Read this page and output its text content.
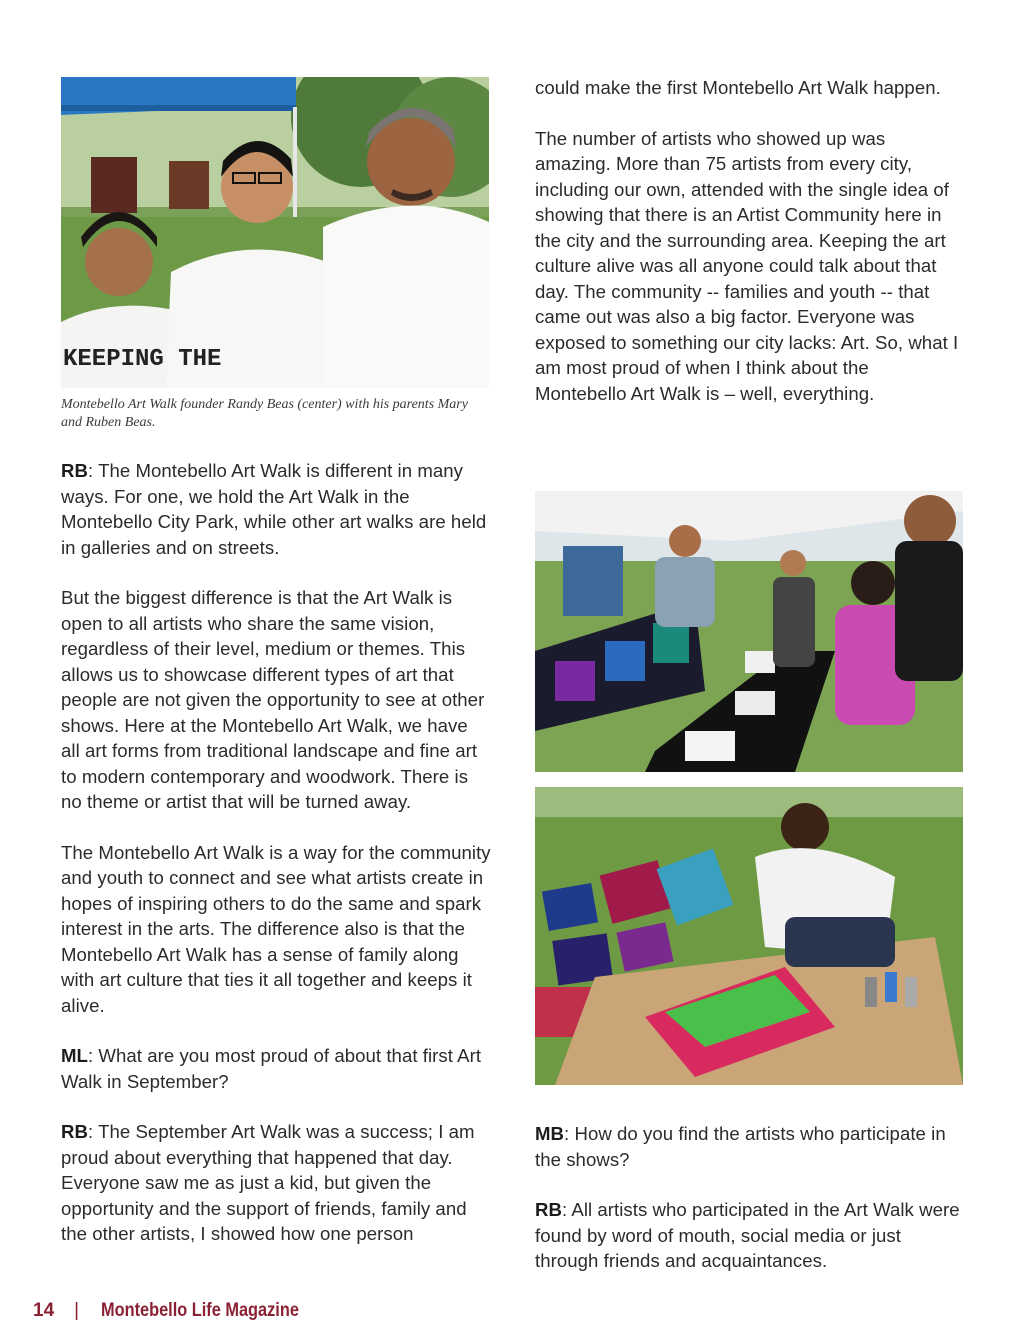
KEEPING THE

Montebello Art Walk founder Randy Beas (center) with his parents Mary and Ruben Beas.

RB: The Montebello Art Walk is different in many ways. For one, we hold the Art Walk in the Montebello City Park, while other art walks are held in galleries and on streets.

But the biggest difference is that the Art Walk is open to all artists who share the same vision, regardless of their level, medium or themes. This allows us to showcase different types of art that people are not given the opportunity to see at other shows. Here at the Montebello Art Walk, we have all art forms from traditional landscape and fine art to modern contemporary and woodwork. There is no theme or artist that will be turned away.

The Montebello Art Walk is a way for the community and youth to connect and see what artists create in hopes of inspiring others to do the same and spark interest in the arts. The difference also is that the Montebello Art Walk has a sense of family along with art culture that ties it all together and keeps it alive.

ML: What are you most proud of about that first Art Walk in September?

RB: The September Art Walk was a success; I am proud about everything that happened that day. Everyone saw me as just a kid, but given the opportunity and the support of friends, family and the other artists, I showed how one person

could make the first Montebello Art Walk happen.

The number of artists who showed up was amazing. More than 75 artists from every city, including our own, attended with the single idea of showing that there is an Artist Community here in the city and the surrounding area. Keeping the art culture alive was all anyone could talk about that day. The community -- families and youth -- that came out was also a big factor. Everyone was exposed to something our city lacks: Art. So, what I am most proud of when I think about the Montebello Art Walk is – well, everything.

MB: How do you find the artists who participate in the shows?

RB: All artists who participated in the Art Walk were found by word of mouth, social media or just through friends and acquaintances.

14 | Montebello Life Magazine
